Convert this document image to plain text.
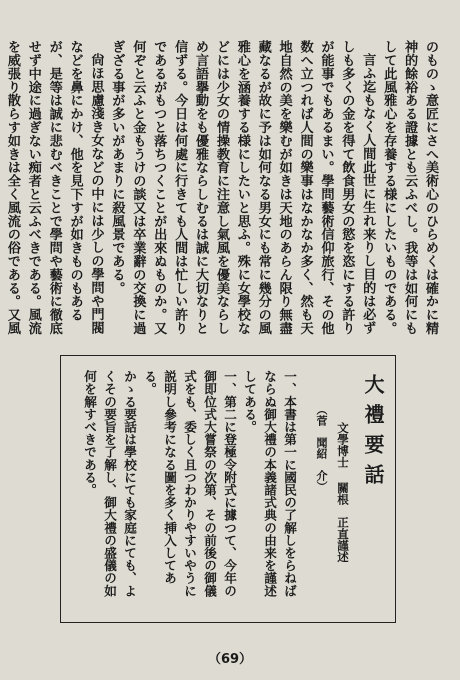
のものゝ意匠にさへ美術心のひらめくは確かに精神的餘裕ある證據とも云ふべし。我等は如何にもして此風雅心を存養する様にしたいものである。

言ふ迄もなく人間此世に生れ来りし目的は必ずしも多くの金を得て飲食男女の慾を恣にする許りが能事でもあるまい。學問藝術信仰旅行、その他数へ立つれば人間の樂事はなかなか多く、然も天地自然の美を樂むが如きは天地のあらん限り無盡藏なるが故に予は如何なる男女にも常に幾分の風雅心を涵養する様にしたいと思ふ。殊に女學校などには少女の情操教育に注意し氣風を優美ならしめ言語擧動をも優雅ならしむるは誠に大切なりと信ずる。今日は何處に行きても人間は忙しい許りであるがもつと落ちつくことが出來ぬものか。又何ぞと云ふと金もうけの談又は卒業辭の交換に過ぎざる事が多いがあまりに殺風景である。

尙ほ思慮淺き女などの中には少しの學問や門閥などを鼻にかけ、他を見下すが如きものもあるが、是等は誠に悲むべきことで學問や藝術に徹底せず中途に過ぎない痴者と云ふべきである。風流を威張り散らす如きは全く風流の俗である。又風

大禮要話
文學博士關根　正直謹述
（菅　聞紹　介）

一、本書は第一に國民の了解しをらねばならぬ御大禮の本義諸式典の由来を謹述してある。

一、第二に登極令附式に據つて、今年の御即位式大嘗祭の次第、その前後の御儀式をも、委しく且つわかりやすいやうに説明し參考になる圖を多く挿入してある。

かゝる要話は學校にても家庭にても、よくその要旨を了解し、御大禮の盛儀の如何を解すべきである。

（69）
